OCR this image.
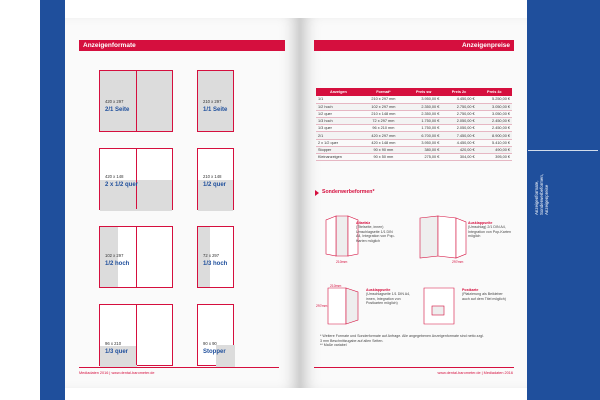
Anzeigenformate, Sonderwerbeformen, Anzeigenpreise
Anzeigenformate
420 x 297
2/1 Seite
210 x 297
1/1 Seite
420 x 148
2 x 1/2 quer
210 x 148
1/2 quer
102 x 297
1/2 hoch
72 x 297
1/3 hoch
96 x 210
1/3 quer
90 x 90
Stopper
Mediadaten 2016 | www.dental-barometer.de
Anzeigenpreise
Anzeigen	Format*	Preis sw	Preis 2c	Preis 4c
1/1	210 x 297 mm	3.950,00 €	4.450,00 €	5.250,00 €
1/2 hoch	102 x 297 mm	2.350,00 €	2.750,00 €	3.050,00 €
1/2 quer	210 x 148 mm	2.350,00 €	2.750,00 €	3.050,00 €
1/3 hoch	72 x 297 mm	1.750,00 €	2.050,00 €	2.450,00 €
1/3 quer	96 x 210 mm	1.750,00 €	2.050,00 €	2.450,00 €
2/1	420 x 297 mm	6.700,00 €	7.450,00 €	8.900,00 €
2 x 1/2 quer	420 x 148 mm	3.950,00 €	4.450,00 €	5.410,00 €
Stopper	90 x 90 mm	380,00 €	420,00 €	490,00 €
Kleinanzeigen	90 x 50 mm	275,00 €	304,00 €	395,00 €
Sonderwerbeformen*
Altarfalz
(Titelseite, innen) Umschlagseite 1/1 DIN A4, Integration von Pop-Karten möglich
210mm
Ausklappseite
(Umschlag) 2/1 DIN A4, Integration von Pop-Karten möglich
297mm
Ausklappseite
(Umschlagseite 1/1 DIN A4, innen, Integration von Postkarten möglich)
210mm
Postkarte
(Platzierung als Beikleber auch auf dem Titel möglich)
297mm
* Weitere Formate und Sonderformate auf Anfrage. Alle angegebenen Anzeigenformate sind netto zzgl.
3 mm Beschnittzugabe auf allen Seiten.
** Maße variabel
www.dental-barometer.de | Mediadaten 2016
